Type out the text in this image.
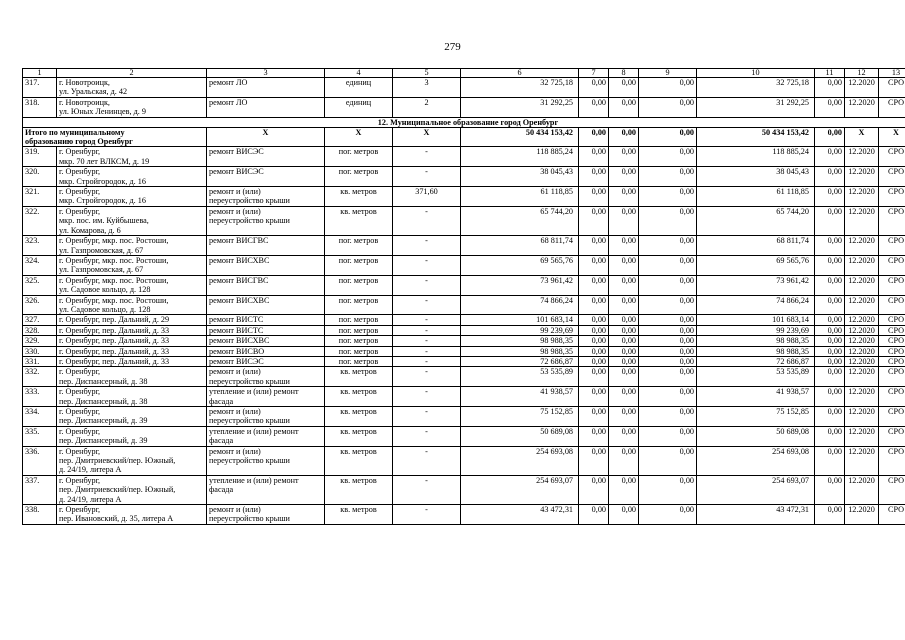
279
1	2	3	4	5	6	7	8	9	10	11	12	13
317.	г. Новотроицк,
ул. Уральская, д. 42	ремонт ЛО	единиц	3	32 725,18	0,00	0,00	0,00	32 725,18	0,00	12.2020	СРО
318.	г. Новотроицк,
ул. Юных Ленинцев, д. 9	ремонт ЛО	единиц	2	31 292,25	0,00	0,00	0,00	31 292,25	0,00	12.2020	СРО
12. Муниципальное образование город Оренбург												
Итого по муниципальному
образованию город Оренбург		X	X	X	50 434 153,42	0,00	0,00	0,00	50 434 153,42	0,00	X	X
319.	г. Оренбург,
мкр. 70 лет ВЛКСМ, д. 19	ремонт ВИСЭС	пог. метров	-	118 885,24	0,00	0,00	0,00	118 885,24	0,00	12.2020	СРО
320.	г. Оренбург,
мкр. Стройгородок, д. 16	ремонт ВИСЭС	пог. метров	-	38 045,43	0,00	0,00	0,00	38 045,43	0,00	12.2020	СРО
321.	г. Оренбург,
мкр. Стройгородок, д. 16	ремонт и (или)
переустройство крыши	кв. метров	371,60	61 118,85	0,00	0,00	0,00	61 118,85	0,00	12.2020	СРО
322.	г. Оренбург,
мкр. пос. им. Куйбышева,
ул. Комарова, д. 6	ремонт и (или)
переустройство крыши	кв. метров	-	65 744,20	0,00	0,00	0,00	65 744,20	0,00	12.2020	СРО
323.	г. Оренбург, мкр. пос. Ростоши,
ул. Газпромовская, д. 67	ремонт ВИСГВС	пог. метров	-	68 811,74	0,00	0,00	0,00	68 811,74	0,00	12.2020	СРО
324.	г. Оренбург, мкр. пос. Ростоши,
ул. Газпромовская, д. 67	ремонт ВИСХВС	пог. метров	-	69 565,76	0,00	0,00	0,00	69 565,76	0,00	12.2020	СРО
325.	г. Оренбург, мкр. пос. Ростоши,
ул. Садовое кольцо, д. 128	ремонт ВИСГВС	пог. метров	-	73 961,42	0,00	0,00	0,00	73 961,42	0,00	12.2020	СРО
326.	г. Оренбург, мкр. пос. Ростоши,
ул. Садовое кольцо, д. 128	ремонт ВИСХВС	пог. метров	-	74 866,24	0,00	0,00	0,00	74 866,24	0,00	12.2020	СРО
327.	г. Оренбург, пер. Дальний, д. 29	ремонт ВИСТС	пог. метров	-	101 683,14	0,00	0,00	0,00	101 683,14	0,00	12.2020	СРО
328.	г. Оренбург, пер. Дальний, д. 33	ремонт ВИСТС	пог. метров	-	99 239,69	0,00	0,00	0,00	99 239,69	0,00	12.2020	СРО
329.	г. Оренбург, пер. Дальний, д. 33	ремонт ВИСХВС	пог. метров	-	98 988,35	0,00	0,00	0,00	98 988,35	0,00	12.2020	СРО
330.	г. Оренбург, пер. Дальний, д. 33	ремонт ВИСВО	пог. метров	-	98 988,35	0,00	0,00	0,00	98 988,35	0,00	12.2020	СРО
331.	г. Оренбург, пер. Дальний, д. 33	ремонт ВИСЭС	пог. метров	-	72 686,87	0,00	0,00	0,00	72 686,87	0,00	12.2020	СРО
332.	г. Оренбург,
пер. Диспансерный, д. 38	ремонт и (или)
переустройство крыши	кв. метров	-	53 535,89	0,00	0,00	0,00	53 535,89	0,00	12.2020	СРО
333.	г. Оренбург,
пер. Диспансерный, д. 38	утепление и (или) ремонт
фасада	кв. метров	-	41 938,57	0,00	0,00	0,00	41 938,57	0,00	12.2020	СРО
334.	г. Оренбург,
пер. Диспансерный, д. 39	ремонт и (или)
переустройство крыши	кв. метров	-	75 152,85	0,00	0,00	0,00	75 152,85	0,00	12.2020	СРО
335.	г. Оренбург,
пер. Диспансерный, д. 39	утепление и (или) ремонт
фасада	кв. метров	-	50 689,08	0,00	0,00	0,00	50 689,08	0,00	12.2020	СРО
336.	г. Оренбург,
пер. Дмитриевский/пер. Южный,
д. 24/19, литера А	ремонт и (или)
переустройство крыши	кв. метров	-	254 693,08	0,00	0,00	0,00	254 693,08	0,00	12.2020	СРО
337.	г. Оренбург,
пер. Дмитриевский/пер. Южный,
д. 24/19, литера А	утепление и (или) ремонт
фасада	кв. метров	-	254 693,07	0,00	0,00	0,00	254 693,07	0,00	12.2020	СРО
338.	г. Оренбург,
пер. Ивановский, д. 35, литера А	ремонт и (или)
переустройство крыши	кв. метров	-	43 472,31	0,00	0,00	0,00	43 472,31	0,00	12.2020	СРО
